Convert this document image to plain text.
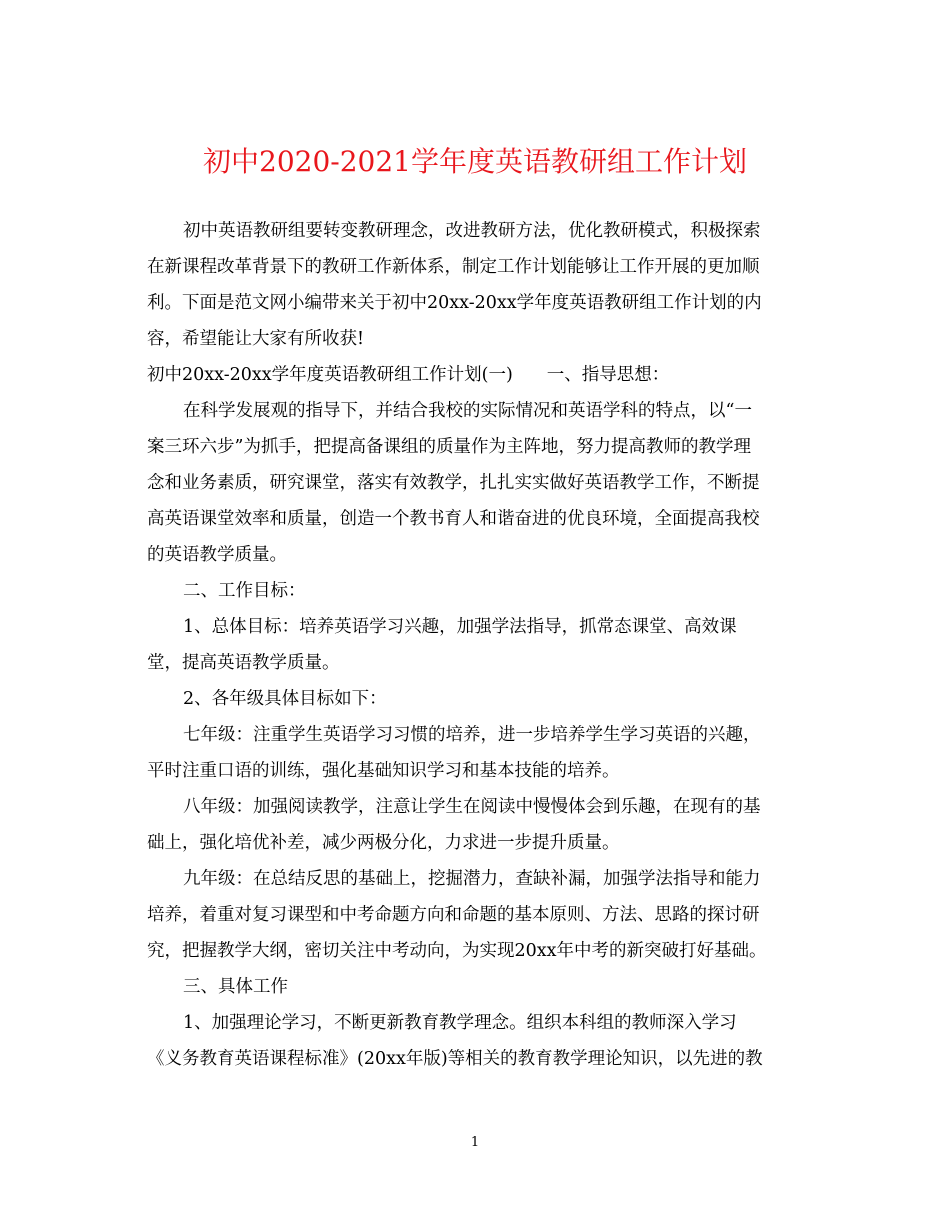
初中2020-2021学年度英语教研组工作计划
初中英语教研组要转变教研理念，改进教研方法，优化教研模式，积极探索
在新课程改革背景下的教研工作新体系，制定工作计划能够让工作开展的更加顺
利。下面是范文网小编带来关于初中20xx-20xx学年度英语教研组工作计划的内
容，希望能让大家有所收获!
初中20xx-20xx学年度英语教研组工作计划(一) 一、指导思想：
在科学发展观的指导下，并结合我校的实际情况和英语学科的特点，以“一
案三环六步”为抓手，把提高备课组的质量作为主阵地，努力提高教师的教学理
念和业务素质，研究课堂，落实有效教学，扎扎实实做好英语教学工作，不断提
高英语课堂效率和质量，创造一个教书育人和谐奋进的优良环境，全面提高我校
的英语教学质量。
二、工作目标：
1、总体目标：培养英语学习兴趣，加强学法指导，抓常态课堂、高效课
堂，提高英语教学质量。
2、各年级具体目标如下：
七年级：注重学生英语学习习惯的培养，进一步培养学生学习英语的兴趣，
平时注重口语的训练，强化基础知识学习和基本技能的培养。
八年级：加强阅读教学，注意让学生在阅读中慢慢体会到乐趣，在现有的基
础上，强化培优补差，减少两极分化，力求进一步提升质量。
九年级：在总结反思的基础上，挖掘潜力，查缺补漏，加强学法指导和能力
培养，着重对复习课型和中考命题方向和命题的基本原则、方法、思路的探讨研
究，把握教学大纲，密切关注中考动向，为实现20xx年中考的新突破打好基础。
三、具体工作
1、加强理论学习，不断更新教育教学理念。组织本科组的教师深入学习
《义务教育英语课程标准》(20xx年版)等相关的教育教学理论知识，以先进的教
1
